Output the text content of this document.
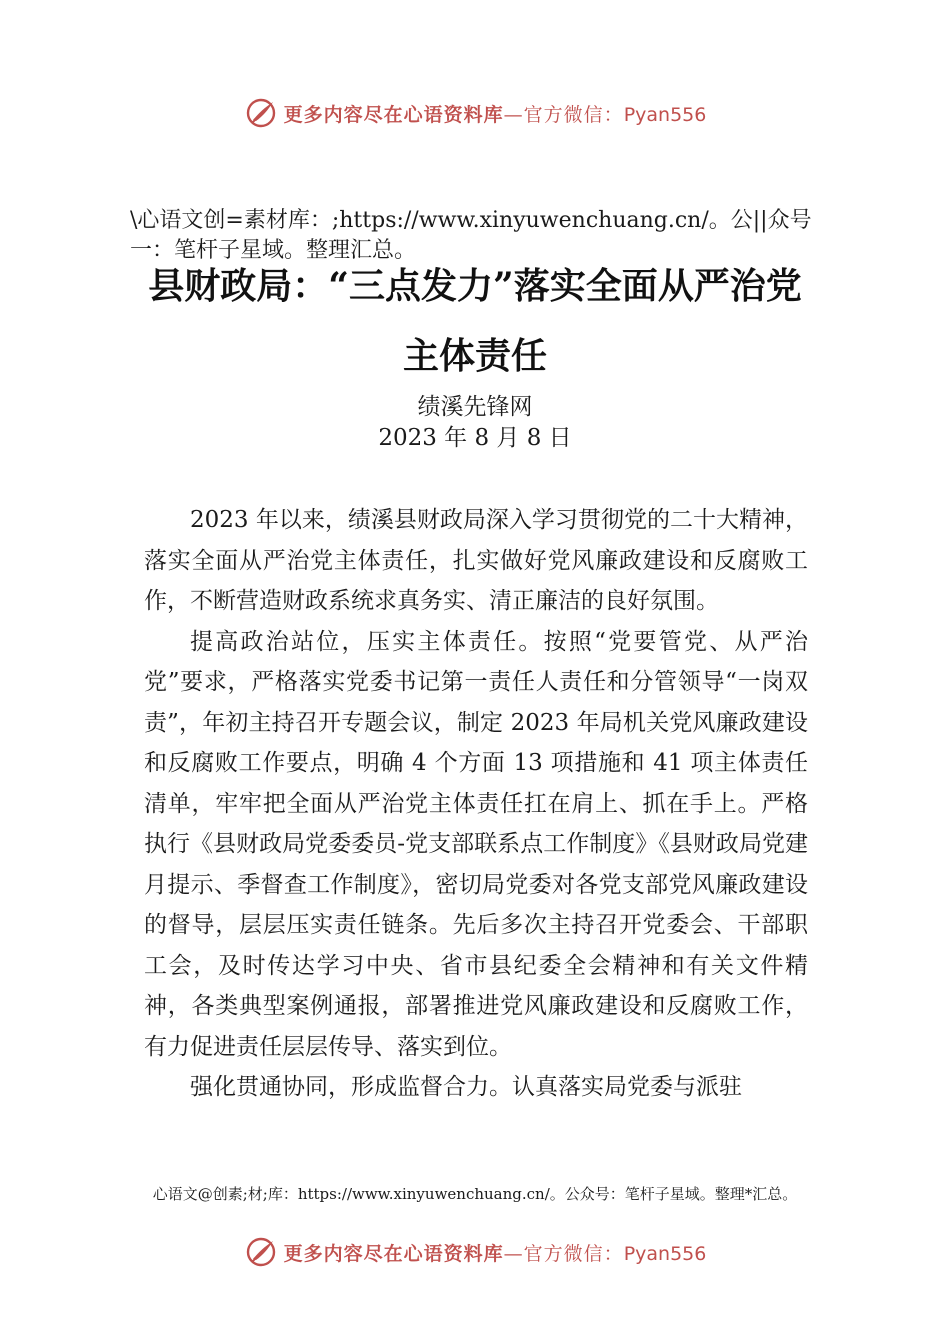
更多内容尽在心语资料库—官方微信：Pyan556

\心语文创=素材库：;https://www.xinyuwenchuang.cn/。公||众号一：笔杆子星域。整理汇总。

县财政局：“三点发力”落实全面从严治党
主体责任

绩溪先锋网

2023 年 8 月 8 日

2023 年以来，绩溪县财政局深入学习贯彻党的二十大精神，落实全面从严治党主体责任，扎实做好党风廉政建设和反腐败工作，不断营造财政系统求真务实、清正廉洁的良好氛围。

提高政治站位，压实主体责任。按照“党要管党、从严治党”要求，严格落实党委书记第一责任人责任和分管领导“一岗双责”，年初主持召开专题会议，制定 2023 年局机关党风廉政建设和反腐败工作要点，明确 4 个方面 13 项措施和 41 项主体责任清单，牢牢把全面从严治党主体责任扛在肩上、抓在手上。严格执行《县财政局党委委员-党支部联系点工作制度》《县财政局党建月提示、季督查工作制度》，密切局党委对各党支部党风廉政建设的督导，层层压实责任链条。先后多次主持召开党委会、干部职工会，及时传达学习中央、省市县纪委全会精神和有关文件精神，各类典型案例通报，部署推进党风廉政建设和反腐败工作，有力促进责任层层传导、落实到位。

强化贯通协同，形成监督合力。认真落实局党委与派驻

心语文@创素;材;库：https://www.xinyuwenchuang.cn/。公众号：笔杆子星域。整理*汇总。

更多内容尽在心语资料库—官方微信：Pyan556
